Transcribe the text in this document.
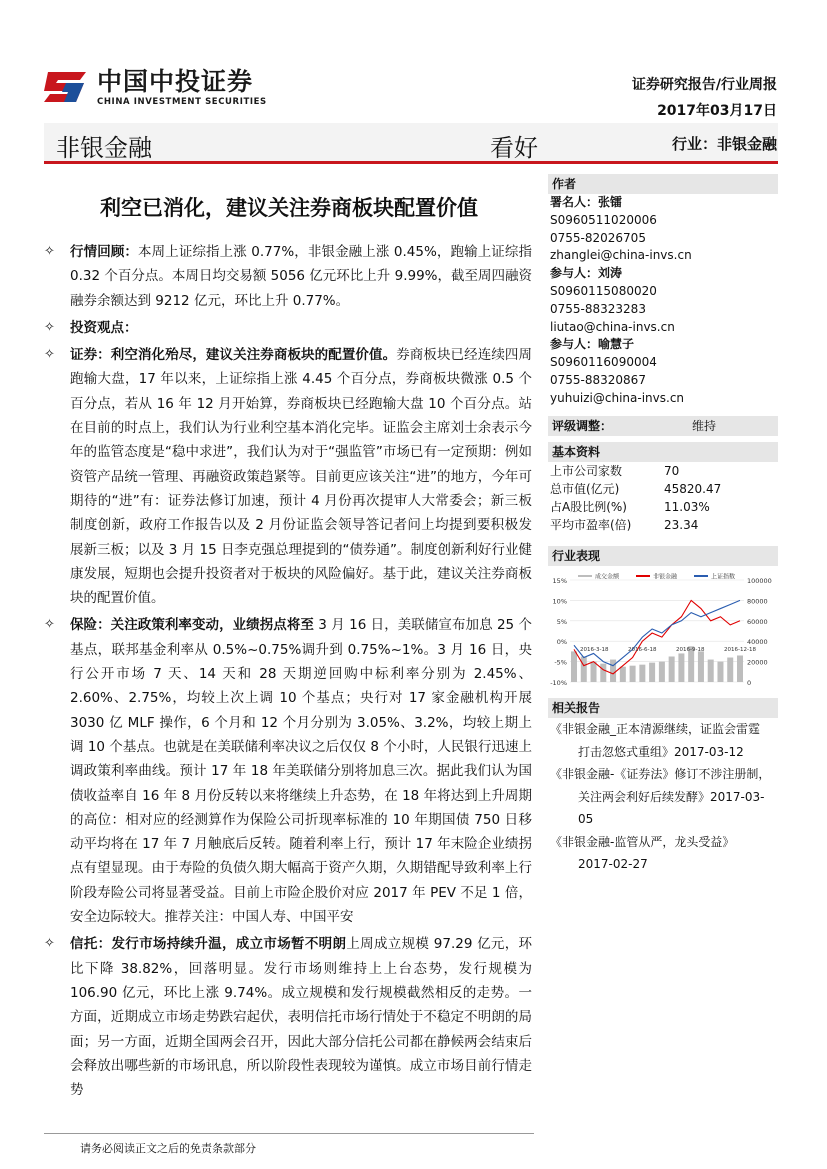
中国中投证券
CHINA INVESTMENT SECURITIES
证券研究报告/行业周报
2017年03月17日
非银金融	看好	行业：非银金融
利空已消化，建议关注券商板块配置价值
✧ 行情回顾：本周上证综指上涨 0.77%，非银金融上涨 0.45%，跑输上证综指 0.32 个百分点。本周日均交易额 5056 亿元环比上升 9.99%，截至周四融资融券余额达到 9212 亿元，环比上升 0.77%。
✧ 投资观点：
✧ 证券：利空消化殆尽，建议关注券商板块的配置价值。券商板块已经连续四周跑输大盘，17 年以来，上证综指上涨 4.45 个百分点，券商板块微涨 0.5 个百分点，若从 16 年 12 月开始算，券商板块已经跑输大盘 10 个百分点。站在目前的时点上，我们认为行业利空基本消化完毕。证监会主席刘士余表示今年的监管态度是“稳中求进”，我们认为对于“强监管”市场已有一定预期：例如资管产品统一管理、再融资政策趋紧等。目前更应该关注“进”的地方，今年可期待的“进”有：证券法修订加速，预计 4 月份再次提审人大常委会；新三板制度创新，政府工作报告以及 2 月份证监会领导答记者问上均提到要积极发展新三板；以及 3 月 15 日李克强总理提到的“债券通”。制度创新利好行业健康发展，短期也会提升投资者对于板块的风险偏好。基于此，建议关注券商板块的配置价值。
✧ 保险：关注政策利率变动，业绩拐点将至 3 月 16 日，美联储宣布加息 25 个基点，联邦基金利率从 0.5%~0.75%调升到 0.75%~1%。3 月 16 日，央行公开市场 7 天、14 天和 28 天期逆回购中标利率分别为 2.45%、2.60%、2.75%，均较上次上调 10 个基点；央行对 17 家金融机构开展 3030 亿 MLF 操作，6 个月和 12 个月分别为 3.05%、3.2%，均较上期上调 10 个基点。也就是在美联储利率决议之后仅仅 8 个小时，人民银行迅速上调政策利率曲线。预计 17 年 18 年美联储分别将加息三次。据此我们认为国债收益率自 16 年 8 月份反转以来将继续上升态势，在 18 年将达到上升周期的高位：相对应的经测算作为保险公司折现率标准的 10 年期国债 750 日移动平均将在 17 年 7 月触底后反转。随着利率上行，预计 17 年末险企业绩拐点有望显现。由于寿险的负债久期大幅高于资产久期，久期错配导致利率上行阶段寿险公司将显著受益。目前上市险企股价对应 2017 年 PEV 不足 1 倍，安全边际较大。推荐关注：中国人寿、中国平安
✧ 信托：发行市场持续升温，成立市场暂不明朗上周成立规模 97.29 亿元，环比下降 38.82%，回落明显。发行市场则维持上上台态势，发行规模为 106.90 亿元，环比上涨 9.74%。成立规模和发行规模截然相反的走势。一方面，近期成立市场走势跌宕起伏，表明信托市场行情处于不稳定不明朗的局面；另一方面，近期全国两会召开，因此大部分信托公司都在静候两会结束后会释放出哪些新的市场讯息，所以阶段性表现较为谨慎。成立市场目前行情走势
作者
署名人：张镭
S0960511020006
0755-82026705
zhanglei@china-invs.cn
参与人：刘涛
S0960115080020
0755-88323283
liutao@china-invs.cn
参与人：喻慧子
S0960116090004
0755-88320867
yuhuizi@china-invs.cn
评级调整：	维持
基本资料
上市公司家数	70
总市值(亿元)	45820.47
占A股比例(%)	11.03%
平均市盈率(倍)	23.34
行业表现
15%
10%
5%
0%
-5%
-10%
100000
80000
60000
40000
20000
0
2016-3-18	2016-6-18	2016-9-18	2016-12-18
成交金额	非银金融	上证指数
相关报告
《非银金融_正本清源继续，证监会雷霆
打击忽悠式重组》2017-03-12
《非银金融-《证券法》修订不涉注册制，
关注两会利好后续发酵》2017-03-05
《非银金融-监管从严，龙头受益》
2017-02-27
请务必阅读正文之后的免责条款部分
